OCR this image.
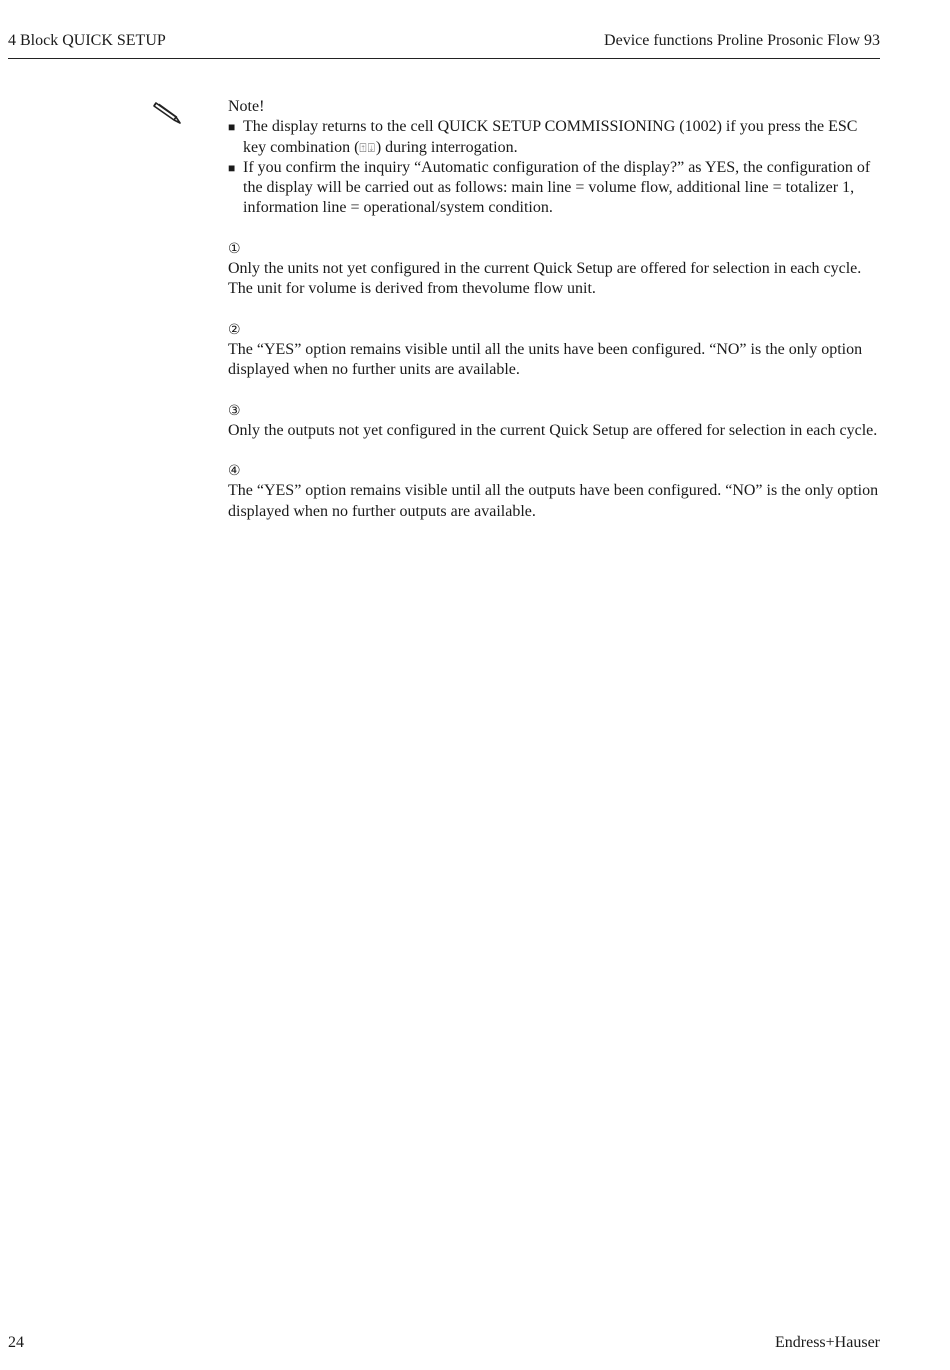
4 Block QUICK SETUP	Device functions Proline Prosonic Flow 93
Note!
■ The display returns to the cell QUICK SETUP COMMISSIONING (1002) if you press the ESC key combination (⍐⍗) during interrogation.
■ If you confirm the inquiry “Automatic configuration of the display?” as YES, the configuration of the display will be carried out as follows: main line = volume flow, additional line = totalizer 1, information line = operational/system condition.
①
Only the units not yet configured in the current Quick Setup are offered for selection in each cycle. The unit for volume is derived from thevolume flow unit.
②
The “YES” option remains visible until all the units have been configured. “NO” is the only option displayed when no further units are available.
③
Only the outputs not yet configured in the current Quick Setup are offered for selection in each cycle.
④
The “YES” option remains visible until all the outputs have been configured. “NO” is the only option displayed when no further outputs are available.
24	Endress+Hauser
